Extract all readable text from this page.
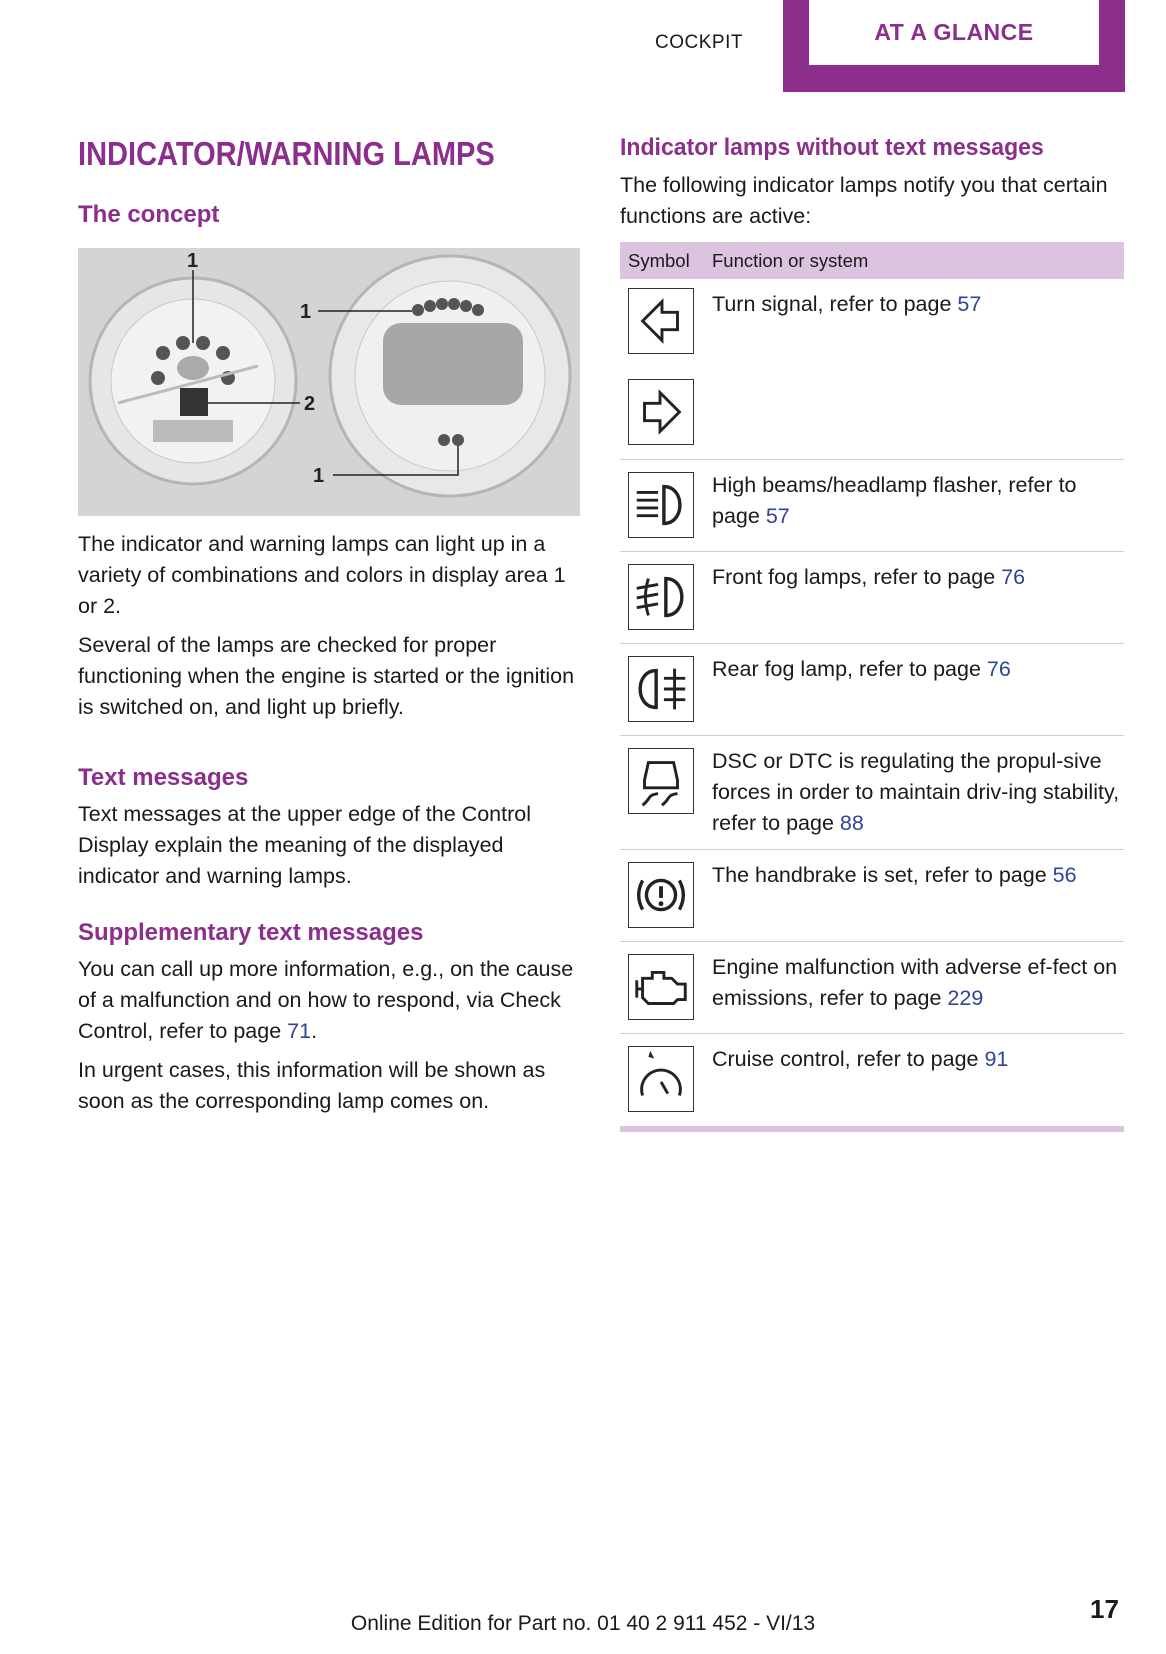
COCKPIT	AT A GLANCE
INDICATOR/WARNING LAMPS
The concept
1
2
1
1

The indicator and warning lamps can light up in a variety of combinations and colors in display area 1 or 2.

Several of the lamps are checked for proper functioning when the engine is started or the ignition is switched on, and light up briefly.

Text messages

Text messages at the upper edge of the Control Display explain the meaning of the displayed indicator and warning lamps.

Supplementary text messages

You can call up more information, e.g., on the cause of a malfunction and on how to respond, via Check Control, refer to page 71.

In urgent cases, this information will be shown as soon as the corresponding lamp comes on.

Indicator lamps without text messages

The following indicator lamps notify you that certain functions are active:

Symbol	Function or system
Turn signal, refer to page 57
High beams/headlamp flasher, refer to page 57
Front fog lamps, refer to page 76
Rear fog lamp, refer to page 76
DSC or DTC is regulating the propul-sive forces in order to maintain driv-ing stability, refer to page 88
The handbrake is set, refer to page 56
Engine malfunction with adverse ef-fect on emissions, refer to page 229
Cruise control, refer to page 91
Online Edition for Part no. 01 40 2 911 452 - VI/13	17
